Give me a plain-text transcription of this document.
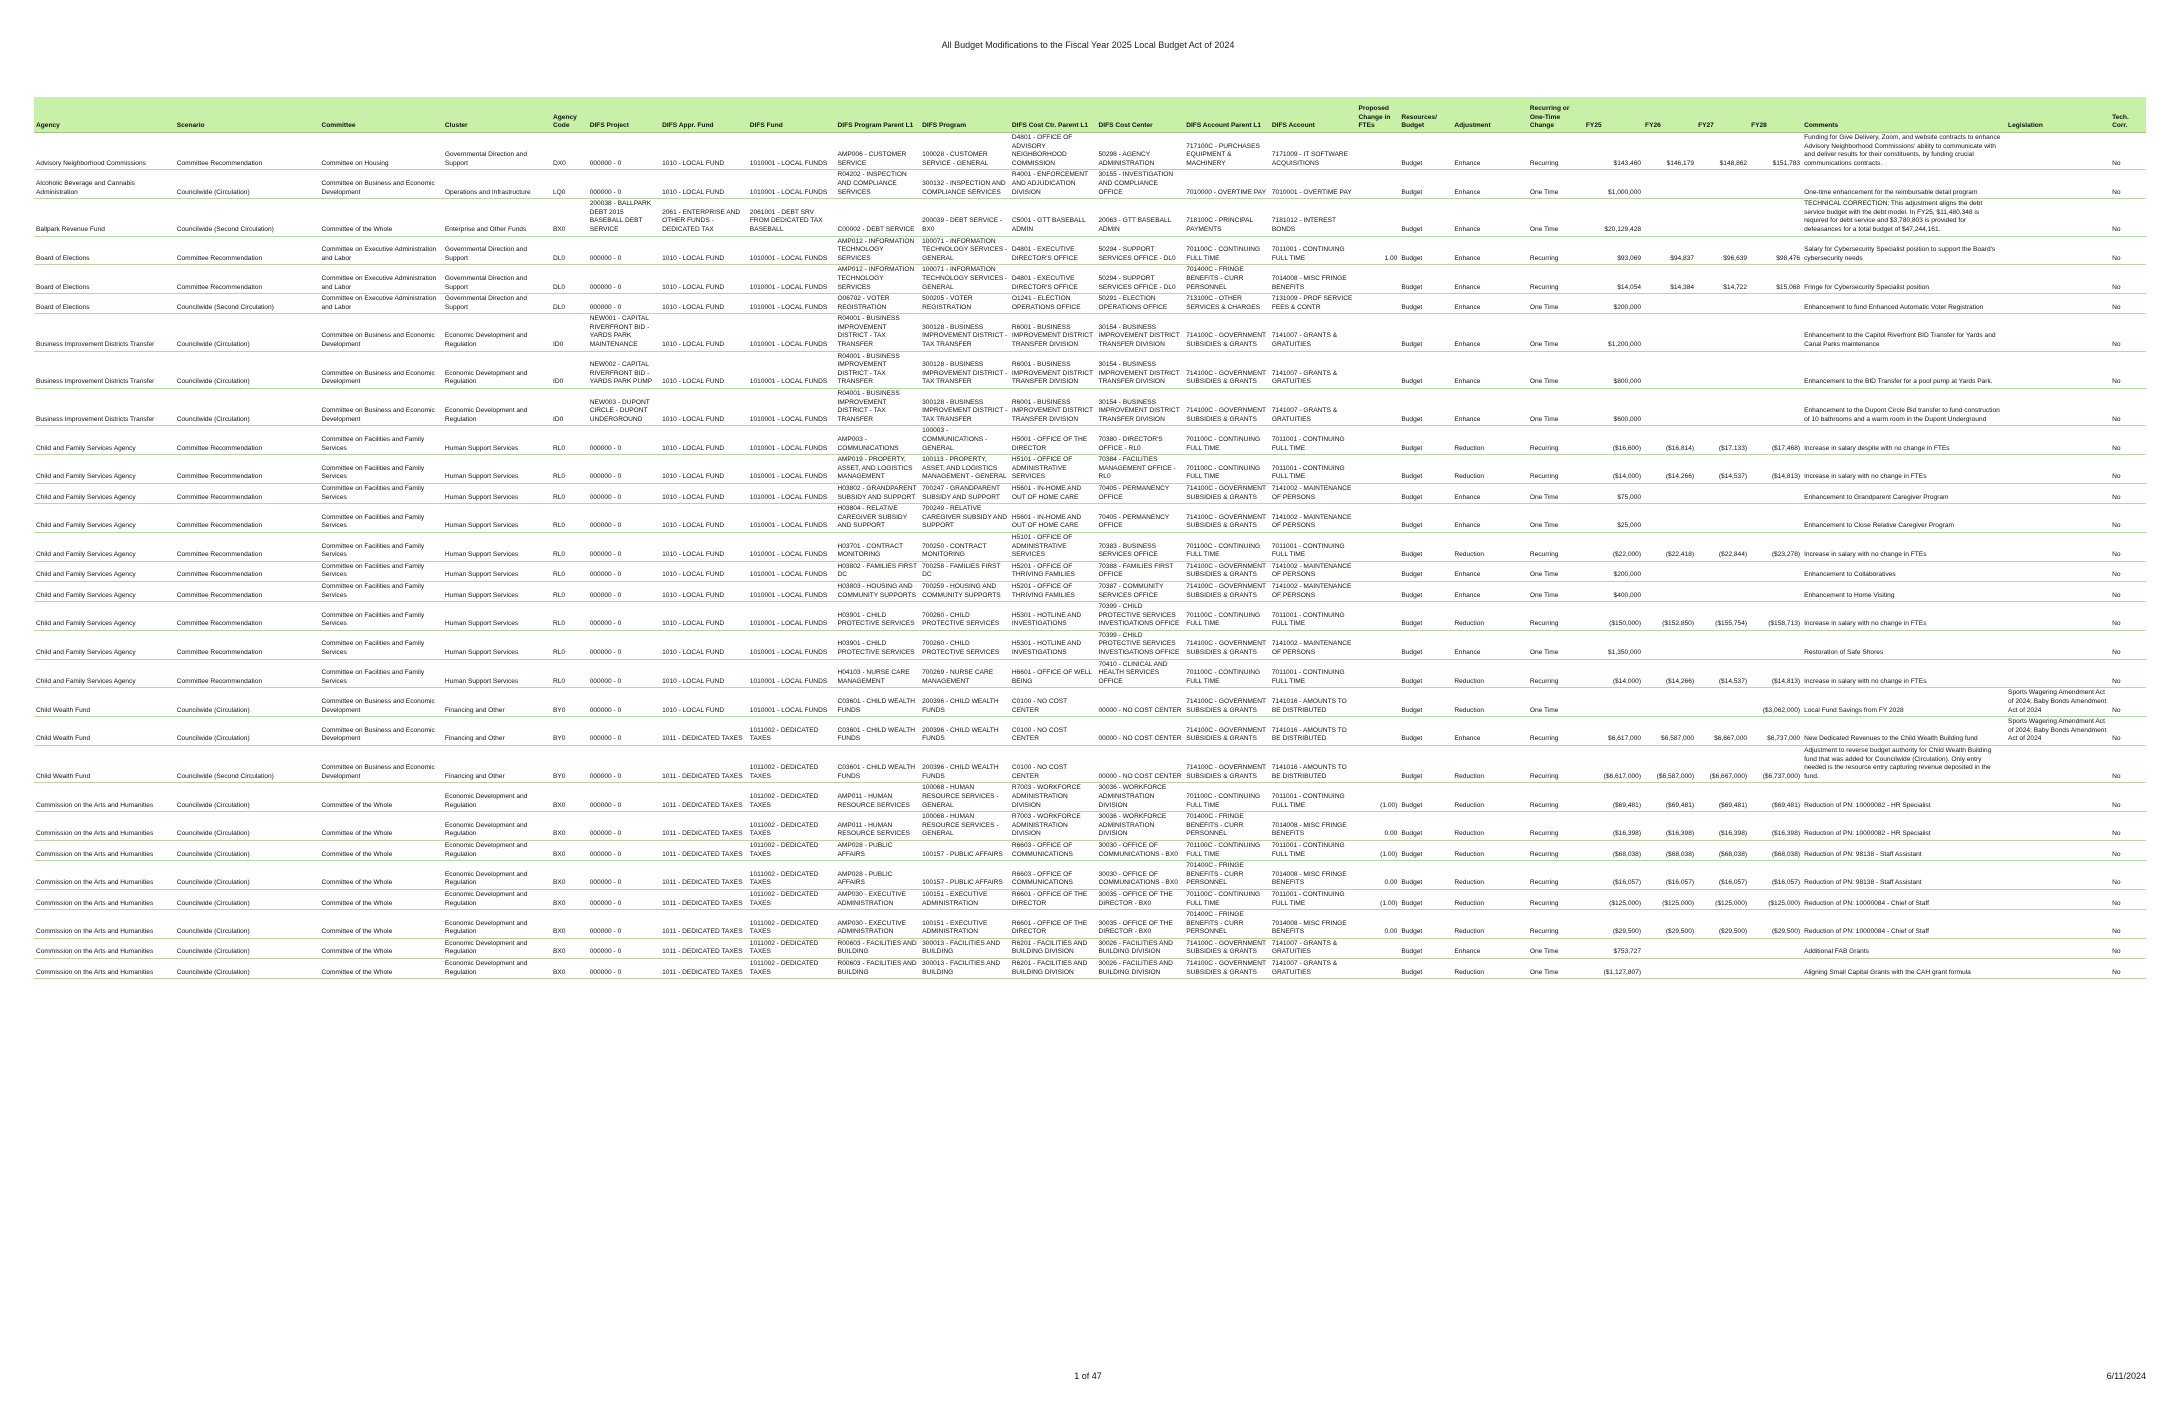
All Budget Modifications to the Fiscal Year 2025 Local Budget Act of 2024
Agency	Scenario	Committee	Cluster	Agency Code	DIFS Project	DIFS Appr. Fund	DIFS Fund	DIFS Program Parent L1	DIFS Program	DIFS Cost Ctr. Parent L1	DIFS Cost Center	DIFS Account Parent L1	DIFS Account	Proposed Change in FTEs	Resources/ Budget	Adjustment	Recurring or One-Time Change	FY25	FY26	FY27	FY28	Comments	Legislation	Tech. Corr.
Advisory Neighborhood Commissions	Committee Recommendation	Committee on Housing	Governmental Direction and Support	DX0	000000 - 0	1010 - LOCAL FUND	1010001 - LOCAL FUNDS	AMP006 - CUSTOMER SERVICE	100028 - CUSTOMER SERVICE - GENERAL	D4801 - OFFICE OF ADVISORY NEIGHBORHOOD COMMISSION	50298 - AGENCY ADMINISTRATION	717100C - PURCHASES EQUIPMENT & MACHINERY	7171009 - IT SOFTWARE ACQUISITIONS		Budget	Enhance	Recurring	$143,460	$146,179	$148,862	$151,783	Funding for Give Delivery, Zoom, and website contracts to enhance Advisory Neighborhood Commissions' ability to communicate with and deliver results for their constituents, by funding crucial communications contracts.		No
Alcoholic Beverage and Cannabis Administration	Councilwide (Circulation)	Committee on Business and Economic Development	Operations and Infrastructure	LQ0	000000 - 0	1010 - LOCAL FUND	1010001 - LOCAL FUNDS	R04202 - INSPECTION AND COMPLIANCE SERVICES	300132 - INSPECTION AND COMPLIANCE SERVICES	R4001 - ENFORCEMENT AND ADJUDICATION DIVISION	30155 - INVESTIGATION AND COMPLIANCE OFFICE	7010000 - OVERTIME PAY	7010001 - OVERTIME PAY		Budget	Enhance	One Time	$1,000,000				One-time enhancement for the reimbursable detail program		No
Ballpark Revenue Fund	Councilwide (Second Circulation)	Committee of the Whole	Enterprise and Other Funds	BX0	200038 - BALLPARK DEBT 2015 BASEBALL DEBT SERVICE	2061 - ENTERPRISE AND OTHER FUNDS - DEDICATED TAX	2061001 - DEBT SRV FROM DEDICATED TAX BASEBALL	C00002 - DEBT SERVICE	200039 - DEBT SERVICE - BX0	C5001 - GTT BASEBALL ADMIN	20063 - GTT BASEBALL ADMIN	718100C - PRINCIPAL PAYMENTS	7181012 - INTEREST BONDS		Budget	Enhance	One Time	$20,129,428				TECHNICAL CORRECTION: This adjustment aligns the debt service budget with the debt model. In FY25, $11,480,348 is required for debt service and $3,780,803 is provided for defeasances for a total budget of $47,244,161.		No
Board of Elections	Committee Recommendation	Committee on Executive Administration and Labor	Governmental Direction and Support	DL0	000000 - 0	1010 - LOCAL FUND	1010001 - LOCAL FUNDS	AMP012 - INFORMATION TECHNOLOGY SERVICES	100071 - INFORMATION TECHNOLOGY SERVICES - GENERAL	D4801 - EXECUTIVE DIRECTOR'S OFFICE	50294 - SUPPORT SERVICES OFFICE - DL0	701100C - CONTINUING FULL TIME	7011001 - CONTINUING FULL TIME	1.00	Budget	Enhance	Recurring	$93,069	$94,837	$96,639	$98,476	Salary for Cybersecurity Specialist position to support the Board's cybersecurity needs		No
Board of Elections	Committee Recommendation	Committee on Executive Administration and Labor	Governmental Direction and Support	DL0	000000 - 0	1010 - LOCAL FUND	1010001 - LOCAL FUNDS	AMP012 - INFORMATION TECHNOLOGY SERVICES	100071 - INFORMATION TECHNOLOGY SERVICES - GENERAL	D4801 - EXECUTIVE DIRECTOR'S OFFICE	50294 - SUPPORT SERVICES OFFICE - DL0	701400C - FRINGE BENEFITS - CURR PERSONNEL	7014008 - MISC FRINGE BENEFITS		Budget	Enhance	Recurring	$14,054	$14,384	$14,722	$15,068	Fringe for Cybersecurity Specialist position		No
Board of Elections	Councilwide (Second Circulation)	Committee on Executive Administration and Labor	Governmental Direction and Support	DL0	000000 - 0	1010 - LOCAL FUND	1010001 - LOCAL FUNDS	O06702 - VOTER REGISTRATION	500205 - VOTER REGISTRATION	O1241 - ELECTION OPERATIONS OFFICE	50291 - ELECTION OPERATIONS OFFICE	713100C - OTHER SERVICES & CHARGES	7131009 - PROF SERVICE FEES & CONTR		Budget	Enhance	One Time	$200,000				Enhancement to fund Enhanced Automatic Voter Registration		No
Business Improvement Districts Transfer	Councilwide (Circulation)	Committee on Business and Economic Development	Economic Development and Regulation	ID0	NEW001 - CAPITAL RIVERFRONT BID - YARDS PARK MAINTENANCE	1010 - LOCAL FUND	1010001 - LOCAL FUNDS	R04001 - BUSINESS IMPROVEMENT DISTRICT - TAX TRANSFER	300128 - BUSINESS IMPROVEMENT DISTRICT - TAX TRANSFER	R6001 - BUSINESS IMPROVEMENT DISTRICT TRANSFER DIVISION	30154 - BUSINESS IMPROVEMENT DISTRICT TRANSFER DIVISION	714100C - GOVERNMENT SUBSIDIES & GRANTS	7141007 - GRANTS & GRATUITIES		Budget	Enhance	One Time	$1,200,000				Enhancement to the Capitol Riverfront BID Transfer for Yards and Canal Parks maintenance		No
Business Improvement Districts Transfer	Councilwide (Circulation)	Committee on Business and Economic Development	Economic Development and Regulation	ID0	NEW002 - CAPITAL RIVERFRONT BID - YARDS PARK PUMP	1010 - LOCAL FUND	1010001 - LOCAL FUNDS	R04001 - BUSINESS IMPROVEMENT DISTRICT - TAX TRANSFER	300128 - BUSINESS IMPROVEMENT DISTRICT - TAX TRANSFER	R6001 - BUSINESS IMPROVEMENT DISTRICT TRANSFER DIVISION	30154 - BUSINESS IMPROVEMENT DISTRICT TRANSFER DIVISION	714100C - GOVERNMENT SUBSIDIES & GRANTS	7141007 - GRANTS & GRATUITIES		Budget	Enhance	One Time	$800,000				Enhancement to the BID Transfer for a pool pump at Yards Park.		No
Business Improvement Districts Transfer	Councilwide (Circulation)	Committee on Business and Economic Development	Economic Development and Regulation	ID0	NEW003 - DUPONT CIRCLE - DUPONT UNDERGROUND	1010 - LOCAL FUND	1010001 - LOCAL FUNDS	R04001 - BUSINESS IMPROVEMENT DISTRICT - TAX TRANSFER	300128 - BUSINESS IMPROVEMENT DISTRICT - TAX TRANSFER	R6001 - BUSINESS IMPROVEMENT DISTRICT TRANSFER DIVISION	30154 - BUSINESS IMPROVEMENT DISTRICT TRANSFER DIVISION	714100C - GOVERNMENT SUBSIDIES & GRANTS	7141007 - GRANTS & GRATUITIES		Budget	Enhance	One Time	$600,000				Enhancement to the Dupont Circle Bid transfer to fund construction of 10 bathrooms and a warm room in the Dupont Underground		No
Child and Family Services Agency	Committee Recommendation	Committee on Facilities and Family Services	Human Support Services	RL0	000000 - 0	1010 - LOCAL FUND	1010001 - LOCAL FUNDS	AMP003 - COMMUNICATIONS	100003 - COMMUNICATIONS - GENERAL	H5001 - OFFICE OF THE DIRECTOR	70380 - DIRECTOR'S OFFICE - RL0	701100C - CONTINUING FULL TIME	7011001 - CONTINUING FULL TIME		Budget	Reduction	Recurring	($16,600)	($16,814)	($17,133)	($17,468)	Increase in salary despite with no change in FTEs		No
Child and Family Services Agency	Committee Recommendation	Committee on Facilities and Family Services	Human Support Services	RL0	000000 - 0	1010 - LOCAL FUND	1010001 - LOCAL FUNDS	AMP019 - PROPERTY, ASSET, AND LOGISTICS MANAGEMENT	100113 - PROPERTY, ASSET, AND LOGISTICS MANAGEMENT - GENERAL	H5101 - OFFICE OF ADMINISTRATIVE SERVICES	70384 - FACILITIES MANAGEMENT OFFICE - RL0	701100C - CONTINUING FULL TIME	7011001 - CONTINUING FULL TIME		Budget	Reduction	Recurring	($14,000)	($14,266)	($14,537)	($14,813)	Increase in salary with no change in FTEs		No
Child and Family Services Agency	Committee Recommendation	Committee on Facilities and Family Services	Human Support Services	RL0	000000 - 0	1010 - LOCAL FUND	1010001 - LOCAL FUNDS	H03802 - GRANDPARENT SUBSIDY AND SUPPORT	700247 - GRANDPARENT SUBSIDY AND SUPPORT	H5601 - IN-HOME AND OUT OF HOME CARE	70405 - PERMANENCY OFFICE	714100C - GOVERNMENT SUBSIDIES & GRANTS	7141002 - MAINTENANCE OF PERSONS		Budget	Enhance	One Time	$75,000				Enhancement to Grandparent Caregiver Program		No
Child and Family Services Agency	Committee Recommendation	Committee on Facilities and Family Services	Human Support Services	RL0	000000 - 0	1010 - LOCAL FUND	1010001 - LOCAL FUNDS	H03804 - RELATIVE CAREGIVER SUBSIDY AND SUPPORT	700249 - RELATIVE CAREGIVER SUBSIDY AND SUPPORT	H5601 - IN-HOME AND OUT OF HOME CARE	70405 - PERMANENCY OFFICE	714100C - GOVERNMENT SUBSIDIES & GRANTS	7141002 - MAINTENANCE OF PERSONS		Budget	Enhance	One Time	$25,000				Enhancement to Close Relative Caregiver Program		No
Child and Family Services Agency	Committee Recommendation	Committee on Facilities and Family Services	Human Support Services	RL0	000000 - 0	1010 - LOCAL FUND	1010001 - LOCAL FUNDS	H03701 - CONTRACT MONITORING	700250 - CONTRACT MONITORING	H5101 - OFFICE OF ADMINISTRATIVE SERVICES	70383 - BUSINESS SERVICES OFFICE	701100C - CONTINUING FULL TIME	7011001 - CONTINUING FULL TIME		Budget	Reduction	Recurring	($22,000)	($22,418)	($22,844)	($23,278)	Increase in salary with no change in FTEs		No
Child and Family Services Agency	Committee Recommendation	Committee on Facilities and Family Services	Human Support Services	RL0	000000 - 0	1010 - LOCAL FUND	1010001 - LOCAL FUNDS	H03802 - FAMILIES FIRST DC	700258 - FAMILIES FIRST DC	H5201 - OFFICE OF THRIVING FAMILIES	70388 - FAMILIES FIRST OFFICE	714100C - GOVERNMENT SUBSIDIES & GRANTS	7141002 - MAINTENANCE OF PERSONS		Budget	Enhance	One Time	$200,000				Enhancement to Collaboratives		No
Child and Family Services Agency	Committee Recommendation	Committee on Facilities and Family Services	Human Support Services	RL0	000000 - 0	1010 - LOCAL FUND	1010001 - LOCAL FUNDS	H03803 - HOUSING AND COMMUNITY SUPPORTS	700259 - HOUSING AND COMMUNITY SUPPORTS	H5201 - OFFICE OF THRIVING FAMILIES	70387 - COMMUNITY SERVICES OFFICE	714100C - GOVERNMENT SUBSIDIES & GRANTS	7141002 - MAINTENANCE OF PERSONS		Budget	Enhance	One Time	$400,000				Enhancement to Home Visiting		No
Child and Family Services Agency	Committee Recommendation	Committee on Facilities and Family Services	Human Support Services	RL0	000000 - 0	1010 - LOCAL FUND	1010001 - LOCAL FUNDS	H03901 - CHILD PROTECTIVE SERVICES	700260 - CHILD PROTECTIVE SERVICES	H5301 - HOTLINE AND INVESTIGATIONS	70399 - CHILD PROTECTIVE SERVICES INVESTIGATIONS OFFICE	701100C - CONTINUING FULL TIME	7011001 - CONTINUING FULL TIME		Budget	Reduction	Recurring	($150,000)	($152,850)	($155,754)	($158,713)	Increase in salary with no change in FTEs		No
Child and Family Services Agency	Committee Recommendation	Committee on Facilities and Family Services	Human Support Services	RL0	000000 - 0	1010 - LOCAL FUND	1010001 - LOCAL FUNDS	H03901 - CHILD PROTECTIVE SERVICES	700260 - CHILD PROTECTIVE SERVICES	H5301 - HOTLINE AND INVESTIGATIONS	70399 - CHILD PROTECTIVE SERVICES INVESTIGATIONS OFFICE	714100C - GOVERNMENT SUBSIDIES & GRANTS	7141002 - MAINTENANCE OF PERSONS		Budget	Enhance	One Time	$1,350,000				Restoration of Safe Shores		No
Child and Family Services Agency	Committee Recommendation	Committee on Facilities and Family Services	Human Support Services	RL0	000000 - 0	1010 - LOCAL FUND	1010001 - LOCAL FUNDS	H04103 - NURSE CARE MANAGEMENT	700269 - NURSE CARE MANAGEMENT	H6601 - OFFICE OF WELL BEING	70410 - CLINICAL AND HEALTH SERVICES OFFICE	701100C - CONTINUING FULL TIME	7011001 - CONTINUING FULL TIME		Budget	Reduction	Recurring	($14,000)	($14,266)	($14,537)	($14,813)	Increase in salary with no change in FTEs		No
Child Wealth Fund	Councilwide (Circulation)	Committee on Business and Economic Development	Financing and Other	BY0	000000 - 0	1010 - LOCAL FUND	1010001 - LOCAL FUNDS	C03601 - CHILD WEALTH FUNDS	200396 - CHILD WEALTH FUNDS	C0100 - NO COST CENTER	00000 - NO COST CENTER	714100C - GOVERNMENT SUBSIDIES & GRANTS	7141016 - AMOUNTS TO BE DISTRIBUTED		Budget	Reduction	One Time				($3,062,000)	Local Fund Savings from FY 2028	Sports Wagering Amendment Act of 2024; Baby Bonds Amendment Act of 2024	No
Child Wealth Fund	Councilwide (Circulation)	Committee on Business and Economic Development	Financing and Other	BY0	000000 - 0	1011 - DEDICATED TAXES	1011002 - DEDICATED TAXES	C03601 - CHILD WEALTH FUNDS	200396 - CHILD WEALTH FUNDS	C0100 - NO COST CENTER	00000 - NO COST CENTER	714100C - GOVERNMENT SUBSIDIES & GRANTS	7141016 - AMOUNTS TO BE DISTRIBUTED		Budget	Enhance	Recurring	$6,617,000	$6,587,000	$6,667,000	$6,737,000	New Dedicated Revenues to the Child Wealth Building fund	Sports Wagering Amendment Act of 2024; Baby Bonds Amendment Act of 2024	No
Child Wealth Fund	Councilwide (Second Circulation)	Committee on Business and Economic Development	Financing and Other	BY0	000000 - 0	1011 - DEDICATED TAXES	1011002 - DEDICATED TAXES	C03601 - CHILD WEALTH FUNDS	200396 - CHILD WEALTH FUNDS	C0100 - NO COST CENTER	00000 - NO COST CENTER	714100C - GOVERNMENT SUBSIDIES & GRANTS	7141016 - AMOUNTS TO BE DISTRIBUTED		Budget	Reduction	Recurring	($6,617,000)	($6,587,000)	($6,667,000)	($6,737,000)	Adjustment to reverse budget authority for Child Wealth Building fund that was added for Councilwide (Circulation). Only entry needed is the resource entry capturing revenue deposited in the fund.		No
Commission on the Arts and Humanities	Councilwide (Circulation)	Committee of the Whole	Economic Development and Regulation	BX0	000000 - 0	1011 - DEDICATED TAXES	1011002 - DEDICATED TAXES	AMP011 - HUMAN RESOURCE SERVICES	100068 - HUMAN RESOURCE SERVICES - GENERAL	R7003 - WORKFORCE ADMINISTRATION DIVISION	30036 - WORKFORCE ADMINISTRATION DIVISION	701100C - CONTINUING FULL TIME	7011001 - CONTINUING FULL TIME	(1.00)	Budget	Reduction	Recurring	($69,481)	($69,481)	($69,481)	($69,481)	Reduction of PN: 10000082 - HR Specialist		No
Commission on the Arts and Humanities	Councilwide (Circulation)	Committee of the Whole	Economic Development and Regulation	BX0	000000 - 0	1011 - DEDICATED TAXES	1011002 - DEDICATED TAXES	AMP011 - HUMAN RESOURCE SERVICES	100068 - HUMAN RESOURCE SERVICES - GENERAL	R7003 - WORKFORCE ADMINISTRATION DIVISION	30036 - WORKFORCE ADMINISTRATION DIVISION	701400C - FRINGE BENEFITS - CURR PERSONNEL	7014008 - MISC FRINGE BENEFITS	0.00	Budget	Reduction	Recurring	($16,398)	($16,398)	($16,398)	($16,398)	Reduction of PN: 10000082 - HR Specialist		No
Commission on the Arts and Humanities	Councilwide (Circulation)	Committee of the Whole	Economic Development and Regulation	BX0	000000 - 0	1011 - DEDICATED TAXES	1011002 - DEDICATED TAXES	AMP028 - PUBLIC AFFAIRS	100157 - PUBLIC AFFAIRS	R6603 - OFFICE OF COMMUNICATIONS	30030 - OFFICE OF COMMUNICATIONS - BX0	701100C - CONTINUING FULL TIME	7011001 - CONTINUING FULL TIME	(1.00)	Budget	Reduction	Recurring	($68,038)	($68,038)	($68,038)	($68,038)	Reduction of PN: 98138 - Staff Assistant		No
Commission on the Arts and Humanities	Councilwide (Circulation)	Committee of the Whole	Economic Development and Regulation	BX0	000000 - 0	1011 - DEDICATED TAXES	1011002 - DEDICATED TAXES	AMP028 - PUBLIC AFFAIRS	100157 - PUBLIC AFFAIRS	R6603 - OFFICE OF COMMUNICATIONS	30030 - OFFICE OF COMMUNICATIONS - BX0	701400C - FRINGE BENEFITS - CURR PERSONNEL	7014008 - MISC FRINGE BENEFITS	0.00	Budget	Reduction	Recurring	($16,057)	($16,057)	($16,057)	($16,057)	Reduction of PN: 98138 - Staff Assistant		No
Commission on the Arts and Humanities	Councilwide (Circulation)	Committee of the Whole	Economic Development and Regulation	BX0	000000 - 0	1011 - DEDICATED TAXES	1011002 - DEDICATED TAXES	AMP030 - EXECUTIVE ADMINISTRATION	100151 - EXECUTIVE ADMINISTRATION	R6601 - OFFICE OF THE DIRECTOR	30035 - OFFICE OF THE DIRECTOR - BX0	701100C - CONTINUING FULL TIME	7011001 - CONTINUING FULL TIME	(1.00)	Budget	Reduction	Recurring	($125,000)	($125,000)	($125,000)	($125,000)	Reduction of PN: 10000084 - Chief of Staff		No
Commission on the Arts and Humanities	Councilwide (Circulation)	Committee of the Whole	Economic Development and Regulation	BX0	000000 - 0	1011 - DEDICATED TAXES	1011002 - DEDICATED TAXES	AMP030 - EXECUTIVE ADMINISTRATION	100151 - EXECUTIVE ADMINISTRATION	R6601 - OFFICE OF THE DIRECTOR	30035 - OFFICE OF THE DIRECTOR - BX0	701400C - FRINGE BENEFITS - CURR PERSONNEL	7014008 - MISC FRINGE BENEFITS	0.00	Budget	Reduction	Recurring	($29,500)	($29,500)	($29,500)	($29,500)	Reduction of PN: 10000084 - Chief of Staff		No
Commission on the Arts and Humanities	Councilwide (Circulation)	Committee of the Whole	Economic Development and Regulation	BX0	000000 - 0	1011 - DEDICATED TAXES	1011002 - DEDICATED TAXES	R00603 - FACILITIES AND BUILDING	300013 - FACILITIES AND BUILDING	R6201 - FACILITIES AND BUILDING DIVISION	30026 - FACILITIES AND BUILDING DIVISION	714100C - GOVERNMENT SUBSIDIES & GRANTS	7141007 - GRANTS & GRATUITIES		Budget	Enhance	One Time	$753,727				Additional FAB Grants		No
Commission on the Arts and Humanities	Councilwide (Circulation)	Committee of the Whole	Economic Development and Regulation	BX0	000000 - 0	1011 - DEDICATED TAXES	1011002 - DEDICATED TAXES	R00603 - FACILITIES AND BUILDING	300013 - FACILITIES AND BUILDING	R6201 - FACILITIES AND BUILDING DIVISION	30026 - FACILITIES AND BUILDING DIVISION	714100C - GOVERNMENT SUBSIDIES & GRANTS	7141007 - GRANTS & GRATUITIES		Budget	Reduction	One Time	($1,127,807)				Aligning Small Capital Grants with the CAH grant formula		No
1 of 47	6/11/2024
